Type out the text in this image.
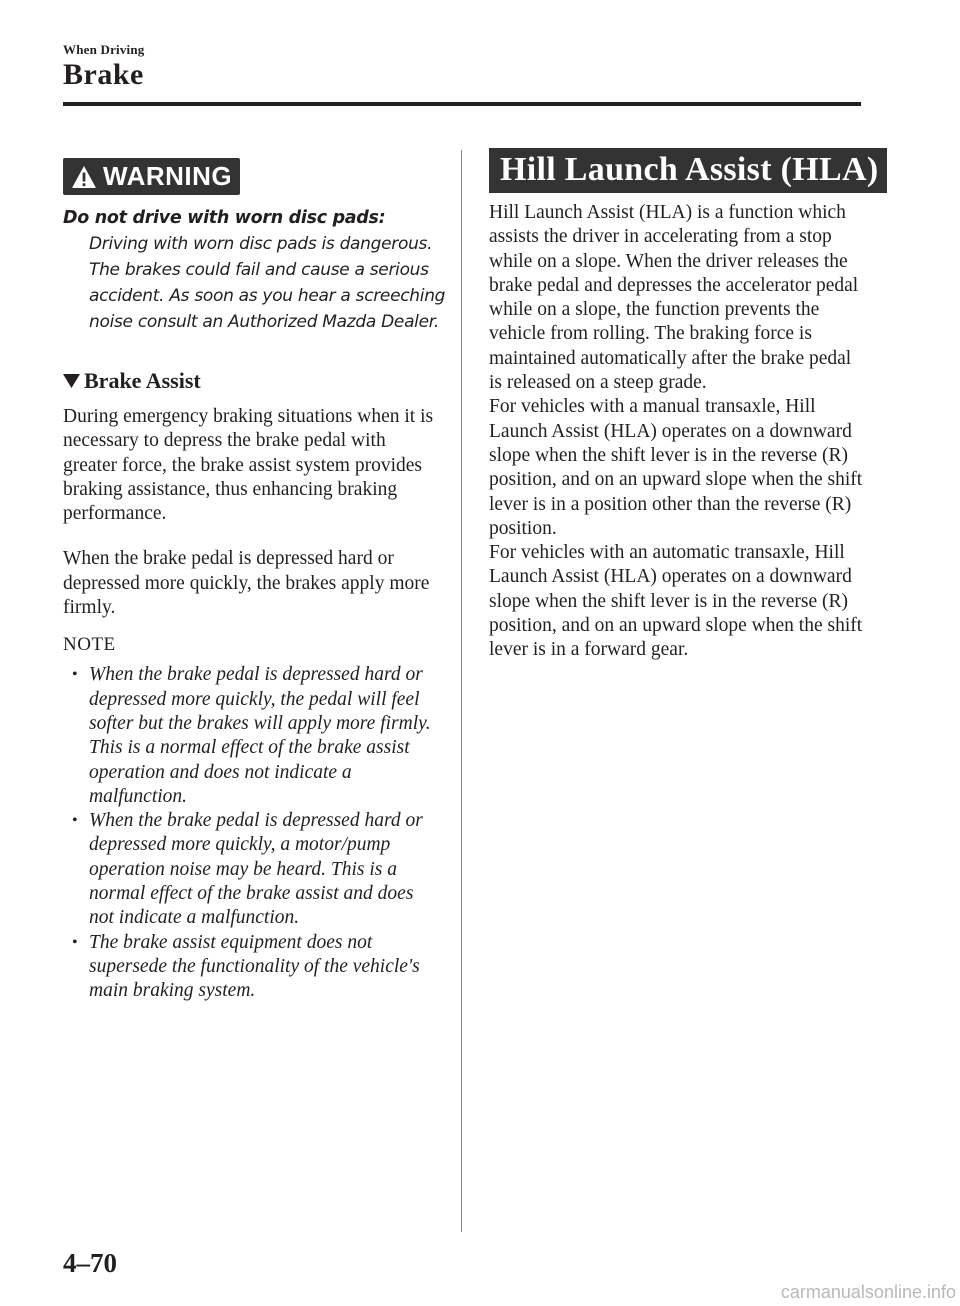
When Driving
Brake
WARNING
Do not drive with worn disc pads:
Driving with worn disc pads is dangerous. The brakes could fail and cause a serious accident. As soon as you hear a screeching noise consult an Authorized Mazda Dealer.
Brake Assist

During emergency braking situations when it is necessary to depress the brake pedal with greater force, the brake assist system provides braking assistance, thus enhancing braking performance.

When the brake pedal is depressed hard or depressed more quickly, the brakes apply more firmly.

NOTE
• When the brake pedal is depressed hard or depressed more quickly, the pedal will feel softer but the brakes will apply more firmly. This is a normal effect of the brake assist operation and does not indicate a malfunction.
• When the brake pedal is depressed hard or depressed more quickly, a motor/pump operation noise may be heard. This is a normal effect of the brake assist and does not indicate a malfunction.
• The brake assist equipment does not supersede the functionality of the vehicle's main braking system.
Hill Launch Assist (HLA)

Hill Launch Assist (HLA) is a function which assists the driver in accelerating from a stop while on a slope. When the driver releases the brake pedal and depresses the accelerator pedal while on a slope, the function prevents the vehicle from rolling. The braking force is maintained automatically after the brake pedal is released on a steep grade.

For vehicles with a manual transaxle, Hill Launch Assist (HLA) operates on a downward slope when the shift lever is in the reverse (R) position, and on an upward slope when the shift lever is in a position other than the reverse (R) position.

For vehicles with an automatic transaxle, Hill Launch Assist (HLA) operates on a downward slope when the shift lever is in the reverse (R) position, and on an upward slope when the shift lever is in a forward gear.

4–70
carmanualsonline.info
